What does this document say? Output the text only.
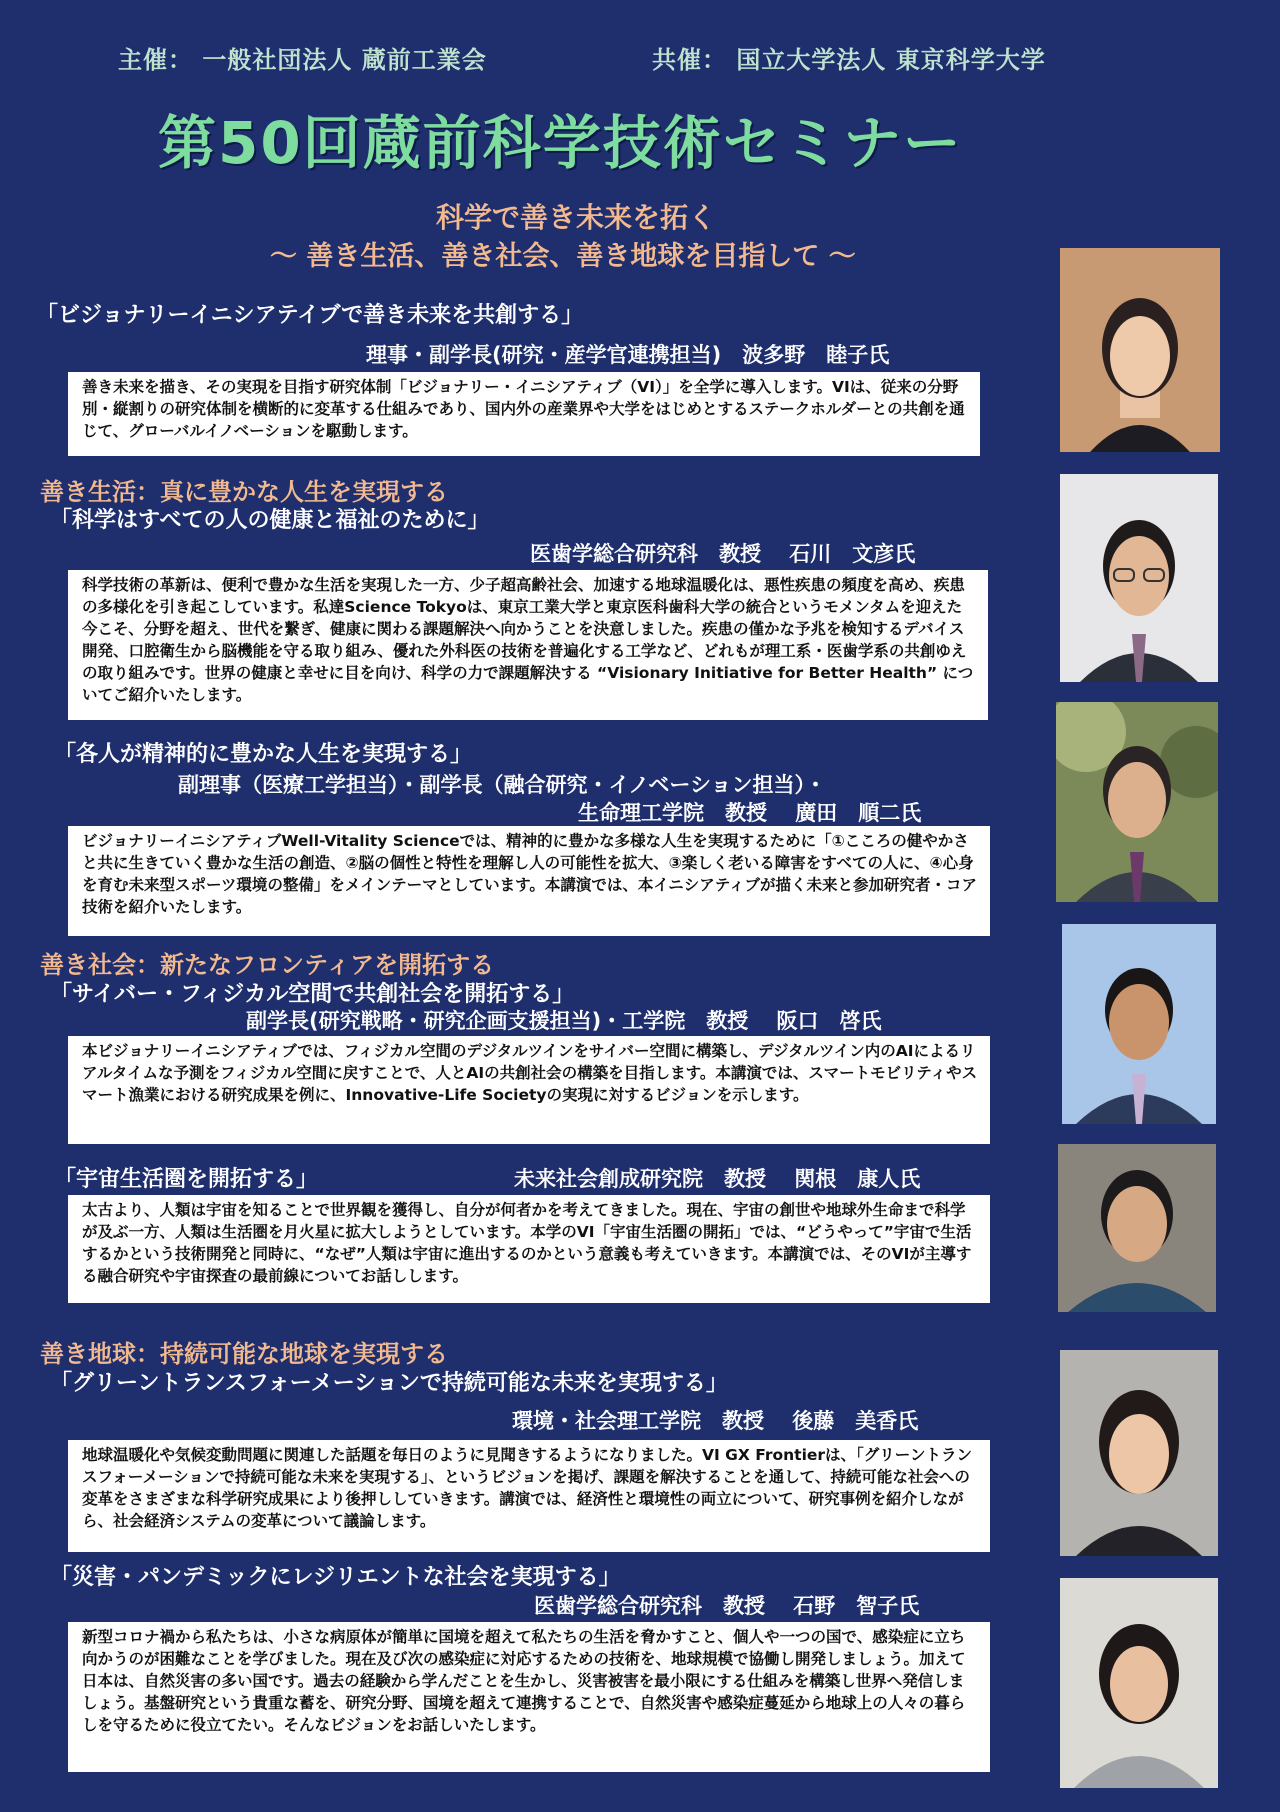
主催： 一般社団法人 蔵前工業会	共催： 国立大学法人 東京科学大学
第50回蔵前科学技術セミナー
科学で善き未来を拓く
～ 善き生活、善き社会、善き地球を目指して ～
「ビジョナリーイニシアテイブで善き未来を共創する」
理事・副学長(研究・産学官連携担当)　波多野　睦子氏
善き未来を描き、その実現を目指す研究体制「ビジョナリー・イニシアティブ（VI）」を全学に導入します。VIは、従来の分野別・縦割りの研究体制を横断的に変革する仕組みであり、国内外の産業界や大学をはじめとするステークホルダーとの共創を通じて、グローバルイノベーションを駆動します。
善き生活：真に豊かな人生を実現する
「科学はすべての人の健康と福祉のために」
医歯学総合研究科　教授　 石川　文彦氏
科学技術の革新は、便利で豊かな生活を実現した一方、少子超高齢社会、加速する地球温暖化は、悪性疾患の頻度を高め、疾患の多様化を引き起こしています。私達Science Tokyoは、東京工業大学と東京医科歯科大学の統合というモメンタムを迎えた今こそ、分野を超え、世代を繋ぎ、健康に関わる課題解決へ向かうことを決意しました。疾患の僅かな予兆を検知するデバイス開発、口腔衛生から脳機能を守る取り組み、優れた外科医の技術を普遍化する工学など、どれもが理工系・医歯学系の共創ゆえの取り組みです。世界の健康と幸せに目を向け、科学の力で課題解決する “Visionary Initiative for Better Health” についてご紹介いたします。
「各人が精神的に豊かな人生を実現する」
副理事（医療工学担当）・副学長（融合研究・イノベーション担当）・
生命理工学院　教授　 廣田　順二氏
ビジョナリーイニシアティブWell-Vitality Scienceでは、精神的に豊かな多様な人生を実現するために「①こころの健やかさと共に生きていく豊かな生活の創造、②脳の個性と特性を理解し人の可能性を拡大、③楽しく老いる障害をすべての人に、④心身を育む未来型スポーツ環境の整備」をメインテーマとしています。本講演では、本イニシアティブが描く未来と参加研究者・コア技術を紹介いたします。
善き社会：新たなフロンティアを開拓する
「サイバー・フィジカル空間で共創社会を開拓する」
副学長(研究戦略・研究企画支援担当)・工学院　教授　 阪口　啓氏
本ビジョナリーイニシアティブでは、フィジカル空間のデジタルツインをサイバー空間に構築し、デジタルツイン内のAIによるリアルタイムな予測をフィジカル空間に戻すことで、人とAIの共創社会の構築を目指します。本講演では、スマートモビリティやスマート漁業における研究成果を例に、Innovative-Life Societyの実現に対するビジョンを示します。
「宇宙生活圏を開拓する」	未来社会創成研究院　教授　 関根　康人氏
太古より、人類は宇宙を知ることで世界観を獲得し、自分が何者かを考えてきました。現在、宇宙の創世や地球外生命まで科学が及ぶ一方、人類は生活圏を月火星に拡大しようとしています。本学のVI「宇宙生活圏の開拓」では、“どうやって”宇宙で生活するかという技術開発と同時に、“なぜ”人類は宇宙に進出するのかという意義も考えていきます。本講演では、そのVIが主導する融合研究や宇宙探査の最前線についてお話しします。
善き地球：持続可能な地球を実現する
「グリーントランスフォーメーションで持続可能な未来を実現する」
環境・社会理工学院　教授　 後藤　美香氏
地球温暖化や気候変動問題に関連した話題を毎日のように見聞きするようになりました。VI GX Frontierは、「グリーントランスフォーメーションで持続可能な未来を実現する」、というビジョンを掲げ、課題を解決することを通して、持続可能な社会への変革をさまざまな科学研究成果により後押ししていきます。講演では、経済性と環境性の両立について、研究事例を紹介しながら、社会経済システムの変革について議論します。
「災害・パンデミックにレジリエントな社会を実現する」
医歯学総合研究科　教授　 石野　智子氏
新型コロナ禍から私たちは、小さな病原体が簡単に国境を超えて私たちの生活を脅かすこと、個人や一つの国で、感染症に立ち向かうのが困難なことを学びました。現在及び次の感染症に対応するための技術を、地球規模で協働し開発しましょう。加えて日本は、自然災害の多い国です。過去の経験から学んだことを生かし、災害被害を最小限にする仕組みを構築し世界へ発信しましょう。基盤研究という貴重な蓄を、研究分野、国境を超えて連携することで、自然災害や感染症蔓延から地球上の人々の暮らしを守るために役立てたい。そんなビジョンをお話しいたします。
